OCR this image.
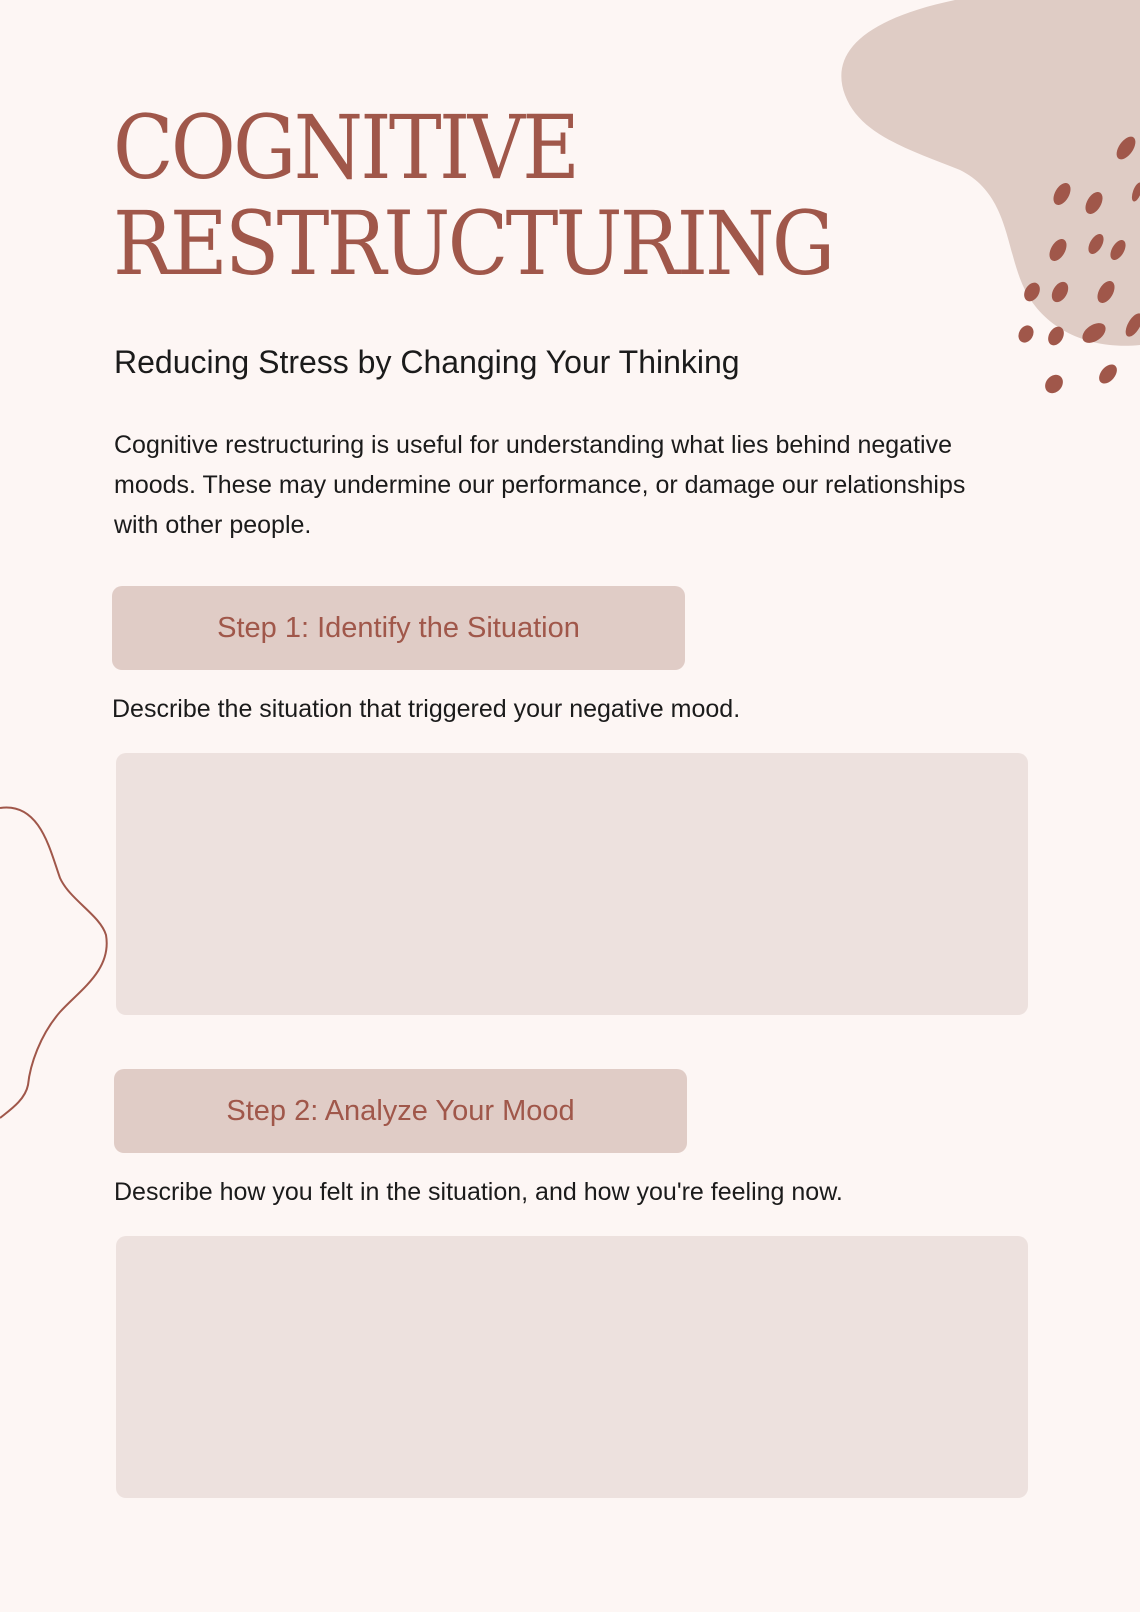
COGNITIVE
RESTRUCTURING
Reducing Stress by Changing Your Thinking

Cognitive restructuring is useful for understanding what lies behind negative moods. These may undermine our performance, or damage our relationships with other people.

Step 1: Identify the Situation

Describe the situation that triggered your negative mood.

Step 2: Analyze Your Mood

Describe how you felt in the situation, and how you're feeling now.
